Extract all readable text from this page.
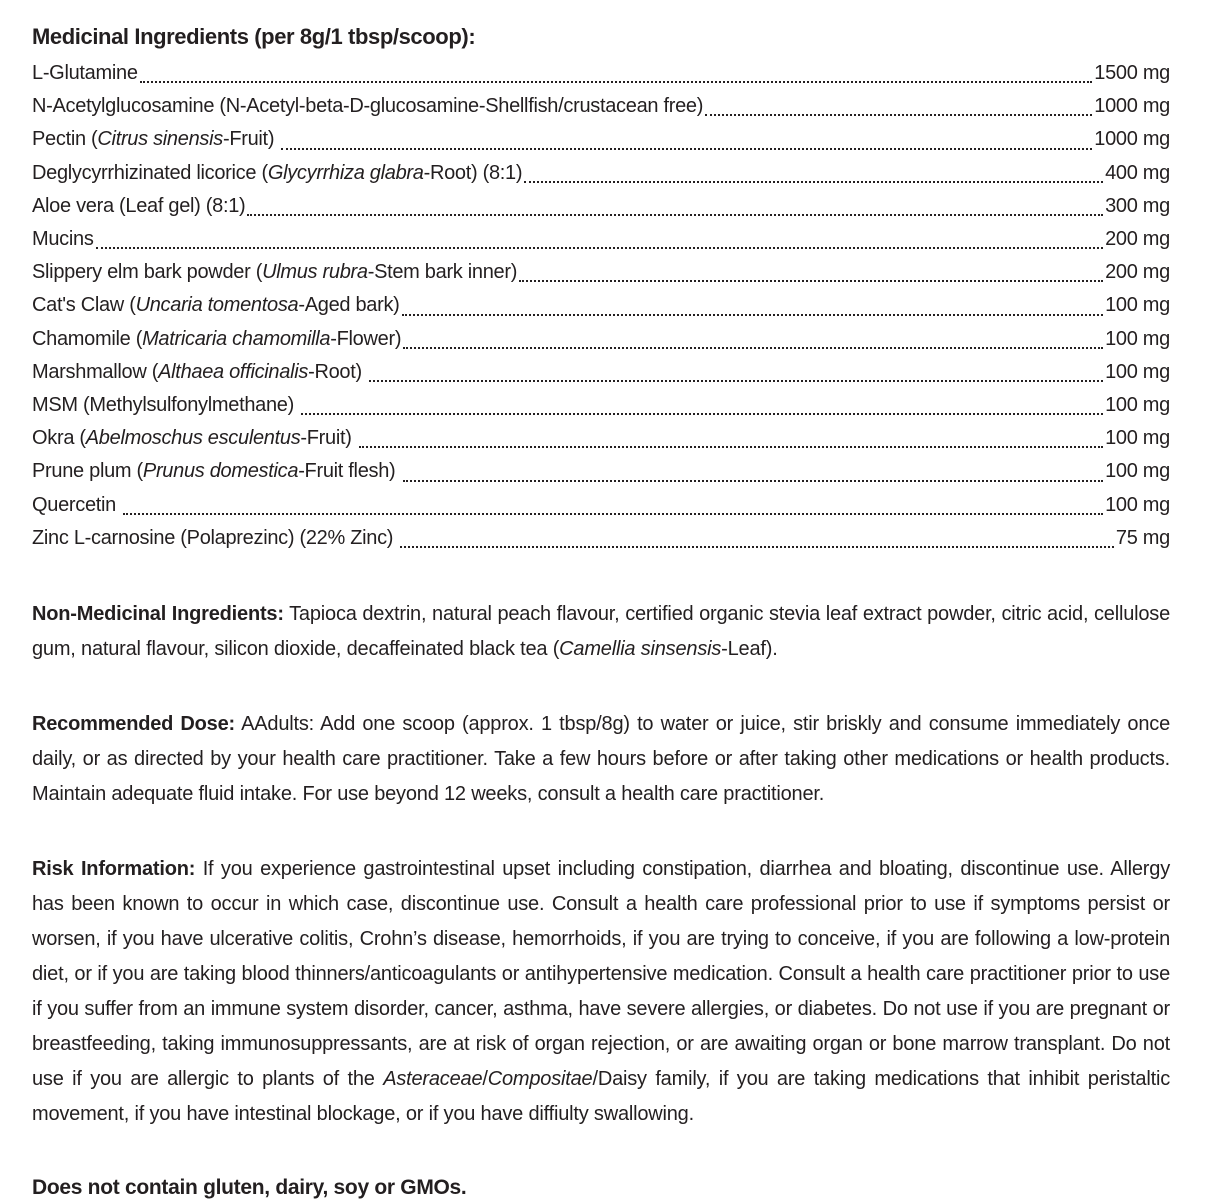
Medicinal Ingredients (per 8g/1 tbsp/scoop):
L-Glutamine	1500 mg
N-Acetylglucosamine (N-Acetyl-beta-D-glucosamine-Shellfish/crustacean free)	1000 mg
Pectin (Citrus sinensis-Fruit)	1000 mg
Deglycyrrhizinated licorice (Glycyrrhiza glabra-Root) (8:1)	400 mg
Aloe vera (Leaf gel) (8:1)	300 mg
Mucins	200 mg
Slippery elm bark powder (Ulmus rubra-Stem bark inner)	200 mg
Cat's Claw (Uncaria tomentosa-Aged bark)	100 mg
Chamomile (Matricaria chamomilla-Flower)	100 mg
Marshmallow (Althaea officinalis-Root)	100 mg
MSM (Methylsulfonylmethane)	100 mg
Okra (Abelmoschus esculentus-Fruit)	100 mg
Prune plum (Prunus domestica-Fruit flesh)	100 mg
Quercetin	100 mg
Zinc L-carnosine (Polaprezinc) (22% Zinc)	75 mg

Non-Medicinal Ingredients: Tapioca dextrin, natural peach flavour, certified organic stevia leaf extract powder, citric acid, cellulose gum, natural flavour, silicon dioxide, decaffeinated black tea (Camellia sinsensis-Leaf).

Recommended Dose: AAdults: Add one scoop (approx. 1 tbsp/8g) to water or juice, stir briskly and consume immediately once daily, or as directed by your health care practitioner. Take a few hours before or after taking other medications or health products. Maintain adequate fluid intake. For use beyond 12 weeks, consult a health care practitioner.

Risk Information: If you experience gastrointestinal upset including constipation, diarrhea and bloating, discontinue use. Allergy has been known to occur in which case, discontinue use. Consult a health care professional prior to use if symptoms persist or worsen, if you have ulcerative colitis, Crohn’s disease, hemorrhoids, if you are trying to conceive, if you are following a low-protein diet, or if you are taking blood thinners/anticoagulants or antihypertensive medication. Consult a health care practitioner prior to use if you suffer from an immune system disorder, cancer, asthma, have severe allergies, or diabetes. Do not use if you are pregnant or breastfeeding, taking immunosuppressants, are at risk of organ rejection, or are awaiting organ or bone marrow transplant. Do not use if you are allergic to plants of the Asteraceae/Compositae/Daisy family, if you are taking medications that inhibit peristaltic movement, if you have intestinal blockage, or if you have diffiulty swallowing.

Does not contain gluten, dairy, soy or GMOs.
